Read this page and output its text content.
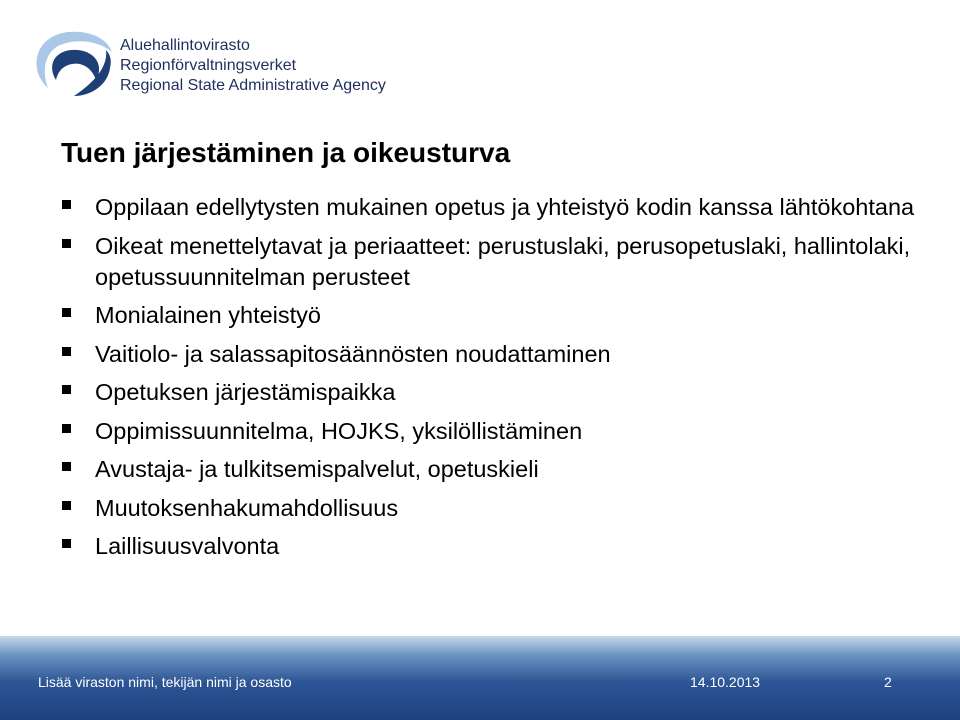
Aluehallintovirasto
Regionförvaltningsverket
Regional State Administrative Agency
Tuen järjestäminen ja oikeusturva
Oppilaan edellytysten mukainen opetus ja yhteistyö kodin kanssa lähtökohtana
Oikeat menettelytavat ja periaatteet: perustuslaki, perusopetuslaki, hallintolaki, opetussuunnitelman perusteet
Monialainen yhteistyö
Vaitiolo- ja salassapitosäännösten noudattaminen
Opetuksen järjestämispaikka
Oppimissuunnitelma, HOJKS, yksilöllistäminen
Avustaja- ja tulkitsemispalvelut, opetuskieli
Muutoksenhakumahdollisuus
Laillisuusvalvonta
Lisää viraston nimi, tekijän nimi ja osasto	14.10.2013	2
